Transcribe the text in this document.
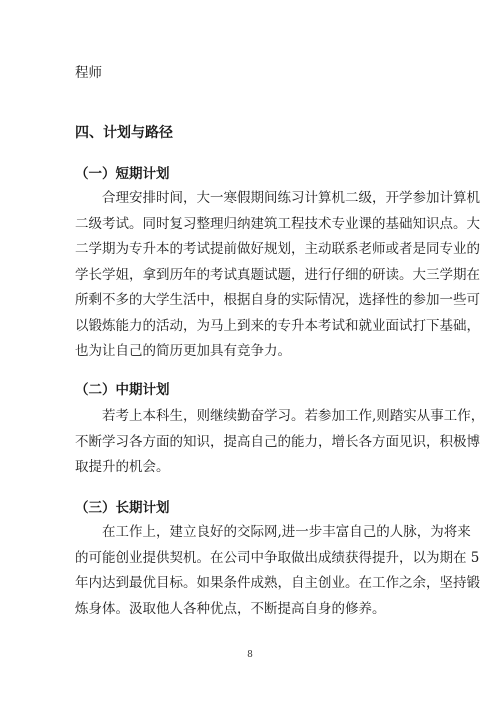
程师
四、计划与路径
（一）短期计划
合理安排时间，大一寒假期间练习计算机二级，开学参加计算机
二级考试。同时复习整理归纳建筑工程技术专业课的基础知识点。大
二学期为专升本的考试提前做好规划，主动联系老师或者是同专业的
学长学姐，拿到历年的考试真题试题，进行仔细的研读。大三学期在
所剩不多的大学生活中，根据自身的实际情况，选择性的参加一些可
以锻炼能力的活动，为马上到来的专升本考试和就业面试打下基础，
也为让自己的简历更加具有竞争力。
（二）中期计划
若考上本科生，则继续勤奋学习。若参加工作,则踏实从事工作，
不断学习各方面的知识，提高自己的能力，增长各方面见识，积极博
取提升的机会。
（三）长期计划
在工作上，建立良好的交际网,进一步丰富自己的人脉，为将来
的可能创业提供契机。在公司中争取做出成绩获得提升，以为期在 5
年内达到最优目标。如果条件成熟，自主创业。在工作之余，坚持锻
炼身体。汲取他人各种优点，不断提高自身的修养。
8
